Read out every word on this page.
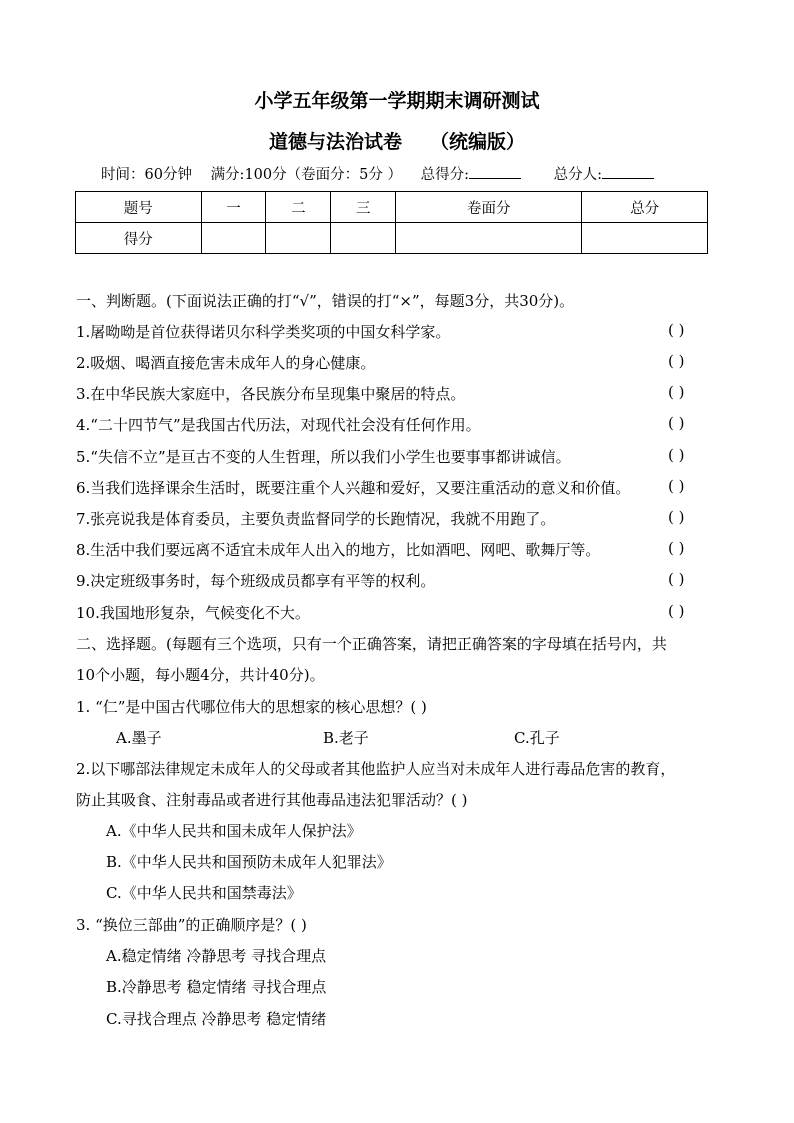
小学五年级第一学期期末调研测试
道德与法治试卷 （统编版）
时间：60分钟 满分:100分（卷面分：5分 ） 总得分:	总分人:
题号	一	二	三	卷面分	总分
得分					
一、判断题。(下面说法正确的打“√”，错误的打“×”，每题3分，共30分)。
1.屠呦呦是首位获得诺贝尔科学类奖项的中国女科学家。	( )
2.吸烟、喝酒直接危害未成年人的身心健康。	( )
3.在中华民族大家庭中，各民族分布呈现集中聚居的特点。	( )
4.“二十四节气”是我国古代历法，对现代社会没有任何作用。	( )
5.“失信不立”是亘古不变的人生哲理，所以我们小学生也要事事都讲诚信。	( )
6.当我们选择课余生活时，既要注重个人兴趣和爱好，又要注重活动的意义和价值。	( )
7.张亮说我是体育委员，主要负责监督同学的长跑情况，我就不用跑了。	( )
8.生活中我们要远离不适宜未成年人出入的地方，比如酒吧、网吧、歌舞厅等。	( )
9.决定班级事务时，每个班级成员都享有平等的权利。	( )
10.我国地形复杂，气候变化不大。	( )
二、选择题。(每题有三个选项，只有一个正确答案，请把正确答案的字母填在括号内，共
10个小题，每小题4分，共计40分)。
1. “仁”是中国古代哪位伟大的思想家的核心思想？( )
A.墨子	B.老子	C.孔子
2.以下哪部法律规定未成年人的父母或者其他监护人应当对未成年人进行毒品危害的教育，
防止其吸食、注射毒品或者进行其他毒品违法犯罪活动？( )
A.《中华人民共和国未成年人保护法》
B.《中华人民共和国预防未成年人犯罪法》
C.《中华人民共和国禁毒法》
3. “换位三部曲”的正确顺序是？( )
A.稳定情绪 冷静思考 寻找合理点
B.冷静思考 稳定情绪 寻找合理点
C.寻找合理点 冷静思考 稳定情绪
